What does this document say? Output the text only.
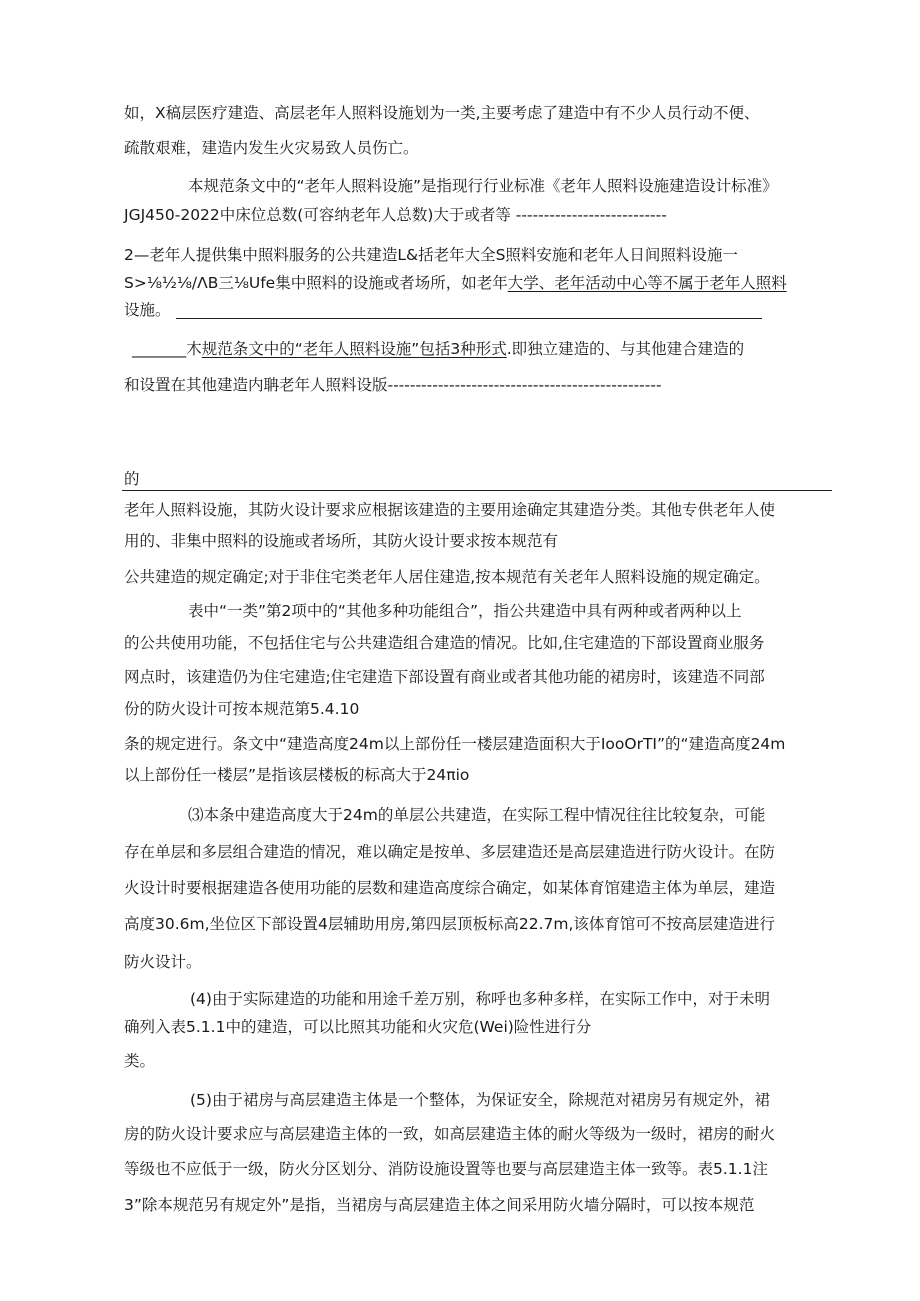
如，X稿层医疗建造、高层老年人照料设施划为一类,主要考虑了建造中有不少人员行动不便、
疏散艰难，建造内发生火灾易致人员伤亡。
本规范条文中的“老年人照料设施”是指现行行业标准《老年人照料设施建造设计标准》
JGJ450-2022中床位总数(可容纳老年人总数)大于或者等 ---------------------------
2—老年人提供集中照料服务的公共建造L&括老年大全S照料安施和老年人日间照料设施一
S>⅛½⅛∕ΛB三⅛Ufe集中照料的设施或者场所，如老年大学、老年活动中心等不属于老年人照料
设施。
_______木规范条文中的“老年人照料设施”包括3种形式.即独立建造的、与其他建合建造的
和设置在其他建造内聃老年人照料设版-------------------------------------------------
的
老年人照料设施，其防火设计要求应根据该建造的主要用途确定其建造分类。其他专供老年人使
用的、非集中照料的设施或者场所，其防火设计要求按本规范有
公共建造的规定确定;对于非住宅类老年人居住建造,按本规范有关老年人照料设施的规定确定。
表中“一类”第2项中的“其他多种功能组合”，指公共建造中具有两种或者两种以上
的公共使用功能，不包括住宅与公共建造组合建造的情况。比如,住宅建造的下部设置商业服务
网点时，该建造仍为住宅建造;住宅建造下部设置有商业或者其他功能的裙房时，该建造不同部
份的防火设计可按本规范第5.4.10
条的规定进行。条文中“建造高度24m以上部份任一楼层建造面积大于IooOrTI”的“建造高度24m
以上部份任一楼层”是指该层楼板的标高大于24πio
⑶本条中建造高度大于24m的单层公共建造，在实际工程中情况往往比较复杂，可能
存在单层和多层组合建造的情况，难以确定是按单、多层建造还是高层建造进行防火设计。在防
火设计时要根据建造各使用功能的层数和建造高度综合确定，如某体育馆建造主体为单层，建造
高度30.6m,坐位区下部设置4层辅助用房,第四层顶板标高22.7m,该体育馆可不按高层建造进行
防火设计。
(4)由于实际建造的功能和用途千差万别，称呼也多种多样，在实际工作中，对于未明
确列入表5.1.1中的建造，可以比照其功能和火灾危(Wei)险性进行分
类。
(5)由于裙房与高层建造主体是一个整体，为保证安全，除规范对裙房另有规定外，裙
房的防火设计要求应与高层建造主体的一致，如高层建造主体的耐火等级为一级时，裙房的耐火
等级也不应低于一级，防火分区划分、消防设施设置等也要与高层建造主体一致等。表5.1.1注
3”除本规范另有规定外”是指，当裙房与高层建造主体之间采用防火墙分隔时，可以按本规范
